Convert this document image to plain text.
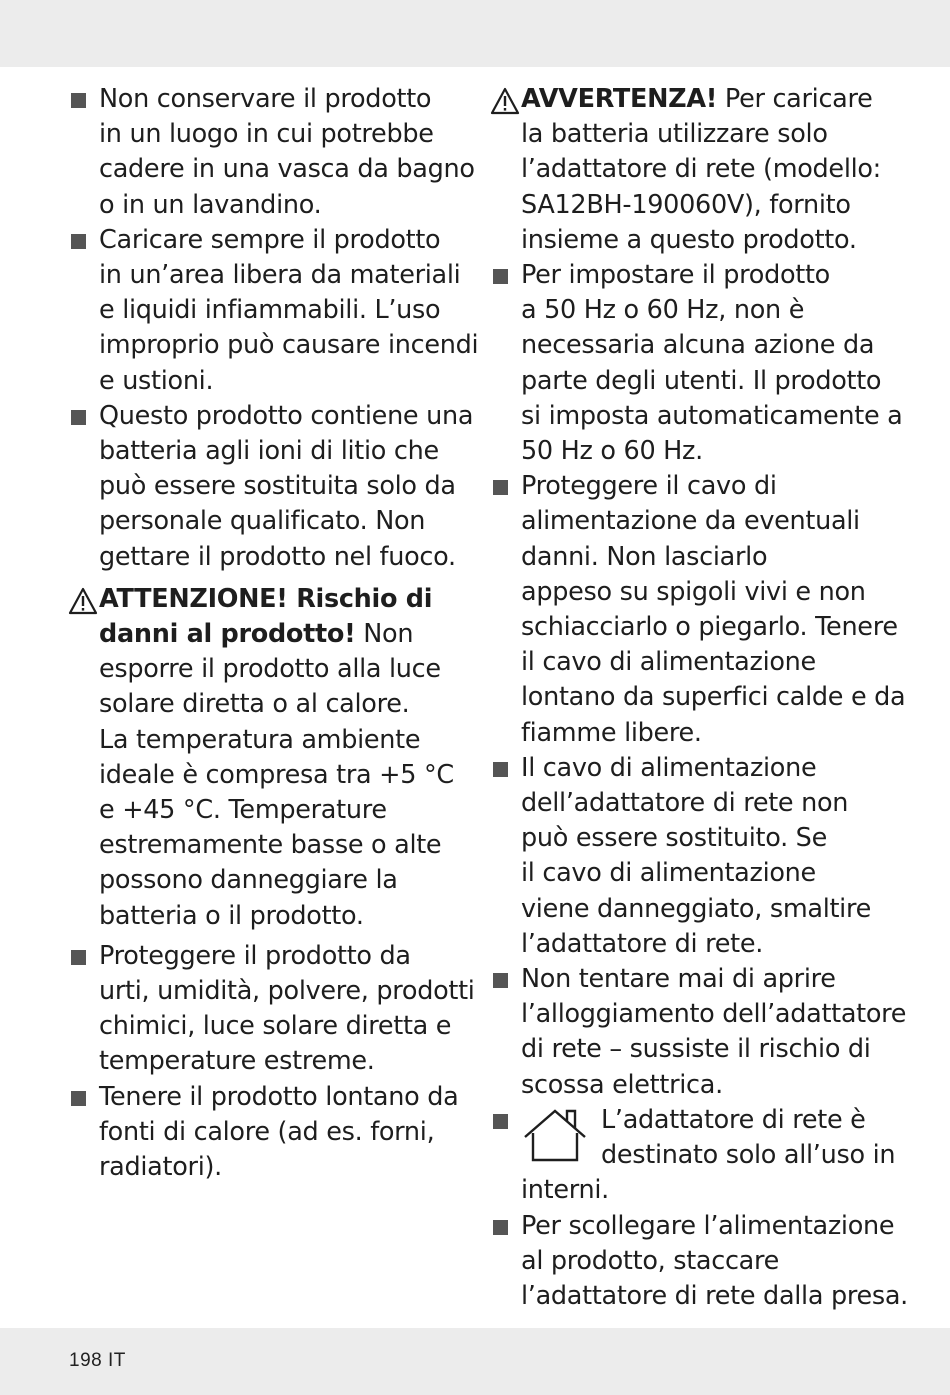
Non conservare il prodotto
in un luogo in cui potrebbe
cadere in una vasca da bagno
o in un lavandino.
Caricare sempre il prodotto
in un’area libera da materiali
e liquidi infiammabili. L’uso
improprio può causare incendi
e ustioni.
Questo prodotto contiene una
batteria agli ioni di litio che
può essere sostituita solo da
personale qualificato. Non
gettare il prodotto nel fuoco.
ATTENZIONE! Rischio di
danni al prodotto! Non
esporre il prodotto alla luce
solare diretta o al calore.
La temperatura ambiente
ideale è compresa tra +5 °C
e +45 °C. Temperature
estremamente basse o alte
possono danneggiare la
batteria o il prodotto.
Proteggere il prodotto da
urti, umidità, polvere, prodotti
chimici, luce solare diretta e
temperature estreme.
Tenere il prodotto lontano da
fonti di calore (ad es. forni,
radiatori).
AVVERTENZA! Per caricare
la batteria utilizzare solo
l’adattatore di rete (modello:
SA12BH-190060V), fornito
insieme a questo prodotto.
Per impostare il prodotto
a 50 Hz o 60 Hz, non è
necessaria alcuna azione da
parte degli utenti. Il prodotto
si imposta automaticamente a
50 Hz o 60 Hz.
Proteggere il cavo di
alimentazione da eventuali
danni. Non lasciarlo
appeso su spigoli vivi e non
schiacciarlo o piegarlo. Tenere
il cavo di alimentazione
lontano da superfici calde e da
fiamme libere.
Il cavo di alimentazione
dell’adattatore di rete non
può essere sostituito. Se
il cavo di alimentazione
viene danneggiato, smaltire
l’adattatore di rete.
Non tentare mai di aprire
l’alloggiamento dell’adattatore
di rete – sussiste il rischio di
scossa elettrica.
L’adattatore di rete è
destinato solo all’uso in
interni.
Per scollegare l’alimentazione
al prodotto, staccare
l’adattatore di rete dalla presa.
198 IT
